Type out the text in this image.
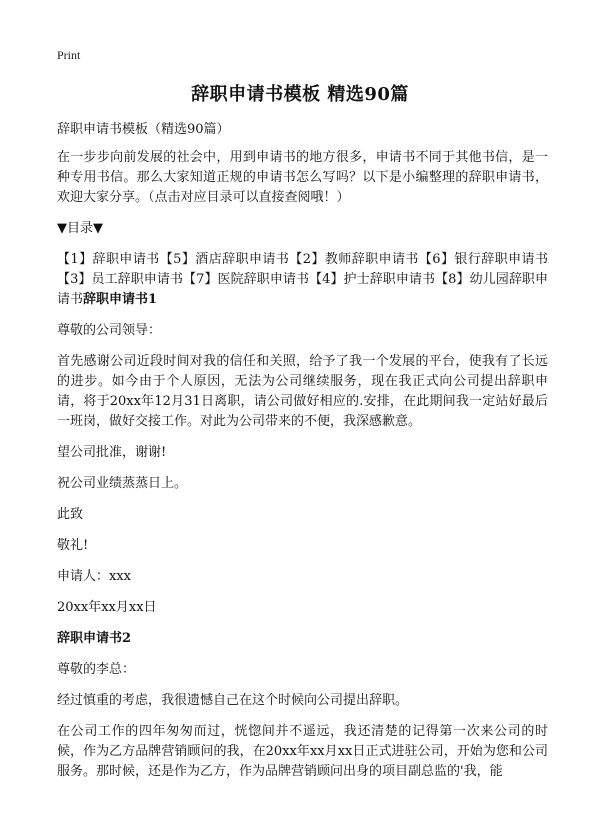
Print
辞职申请书模板 精选90篇

辞职申请书模板（精选90篇）

在一步步向前发展的社会中，用到申请书的地方很多，申请书不同于其他书信，是一种专用书信。那么大家知道正规的申请书怎么写吗？以下是小编整理的辞职申请书，欢迎大家分享。（点击对应目录可以直接查阅哦！）

▼目录▼

【1】辞职申请书【5】酒店辞职申请书【2】教师辞职申请书【6】银行辞职申请书【3】员工辞职申请书【7】医院辞职申请书【4】护士辞职申请书【8】幼儿园辞职申请书辞职申请书1

尊敬的公司领导：

首先感谢公司近段时间对我的信任和关照，给予了我一个发展的平台，使我有了长远的进步。如今由于个人原因，无法为公司继续服务，现在我正式向公司提出辞职申请，将于20xx年12月31日离职，请公司做好相应的.安排，在此期间我一定站好最后一班岗，做好交接工作。对此为公司带来的不便，我深感歉意。

望公司批准，谢谢!

祝公司业绩蒸蒸日上。

此致

敬礼!

申请人：xxx

20xx年xx月xx日

辞职申请书2

尊敬的李总：

经过慎重的考虑，我很遗憾自己在这个时候向公司提出辞职。

在公司工作的四年匆匆而过，恍惚间并不遥远，我还清楚的记得第一次来公司的时候，作为乙方品牌营销顾问的我，在20xx年xx月xx日正式进驻公司，开始为您和公司服务。那时候，还是作为乙方，作为品牌营销顾问出身的项目副总监的'我，能
